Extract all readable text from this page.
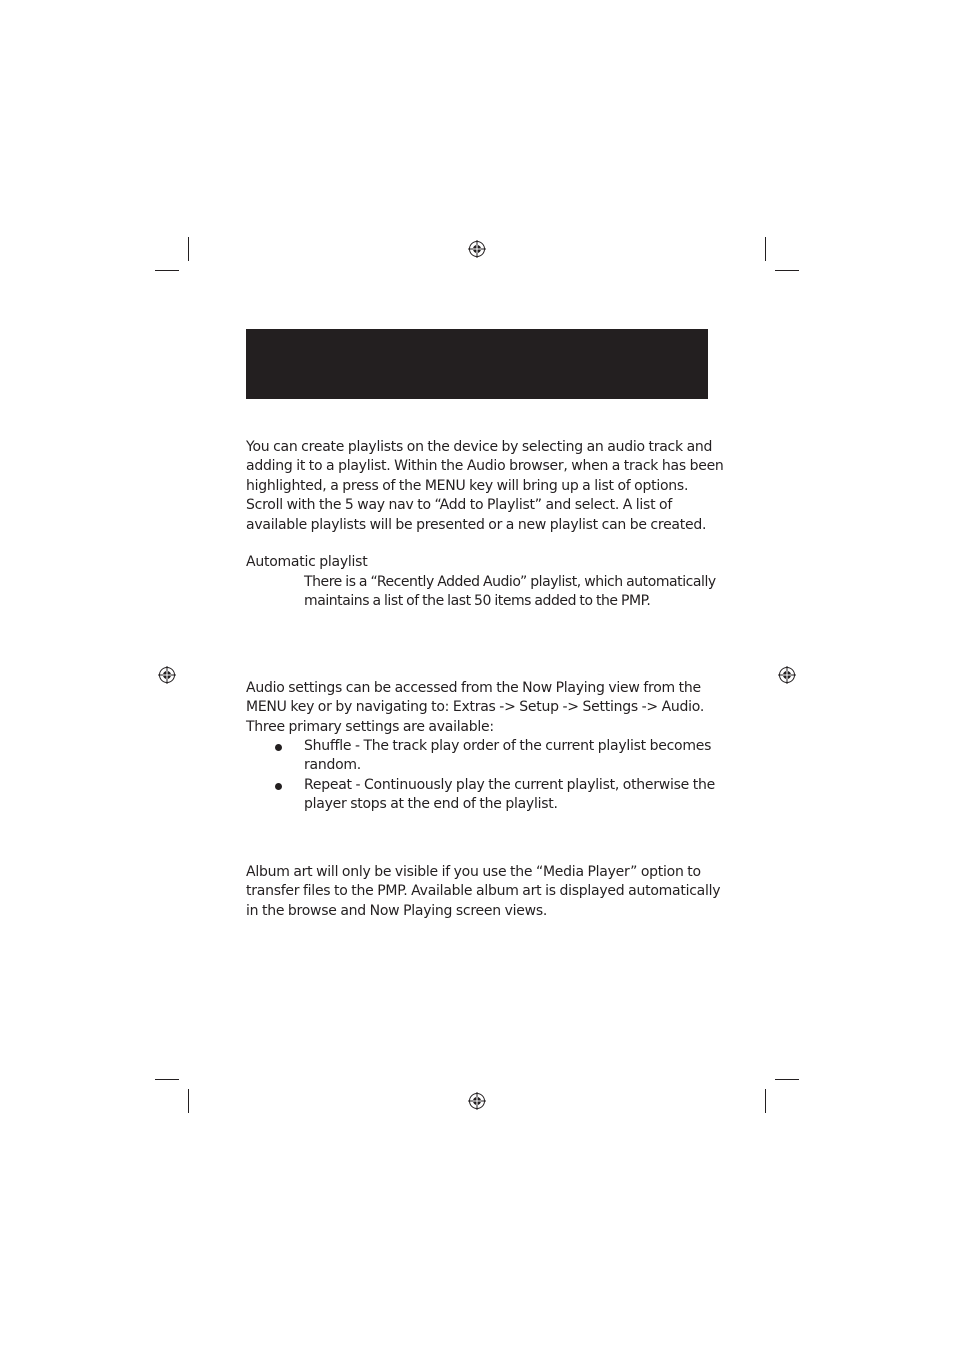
You can create playlists on the device by selecting an audio track and
adding it to a playlist. Within the Audio browser, when a track has been
highlighted, a press of the MENU key will bring up a list of options.
Scroll with the 5 way nav to “Add to Playlist” and select. A list of
available playlists will be presented or a new playlist can be created.
Automatic playlist
There is a “Recently Added Audio” playlist, which automatically
maintains a list of the last 50 items added to the PMP.
Audio settings can be accessed from the Now Playing view from the
MENU key or by navigating to: Extras -> Setup -> Settings -> Audio.
Three primary settings are available:
Shuffle - The track play order of the current playlist becomes
random.
Repeat - Continuously play the current playlist, otherwise the
player stops at the end of the playlist.
Album art will only be visible if you use the “Media Player” option to
transfer files to the PMP. Available album art is displayed automatically
in the browse and Now Playing screen views.
